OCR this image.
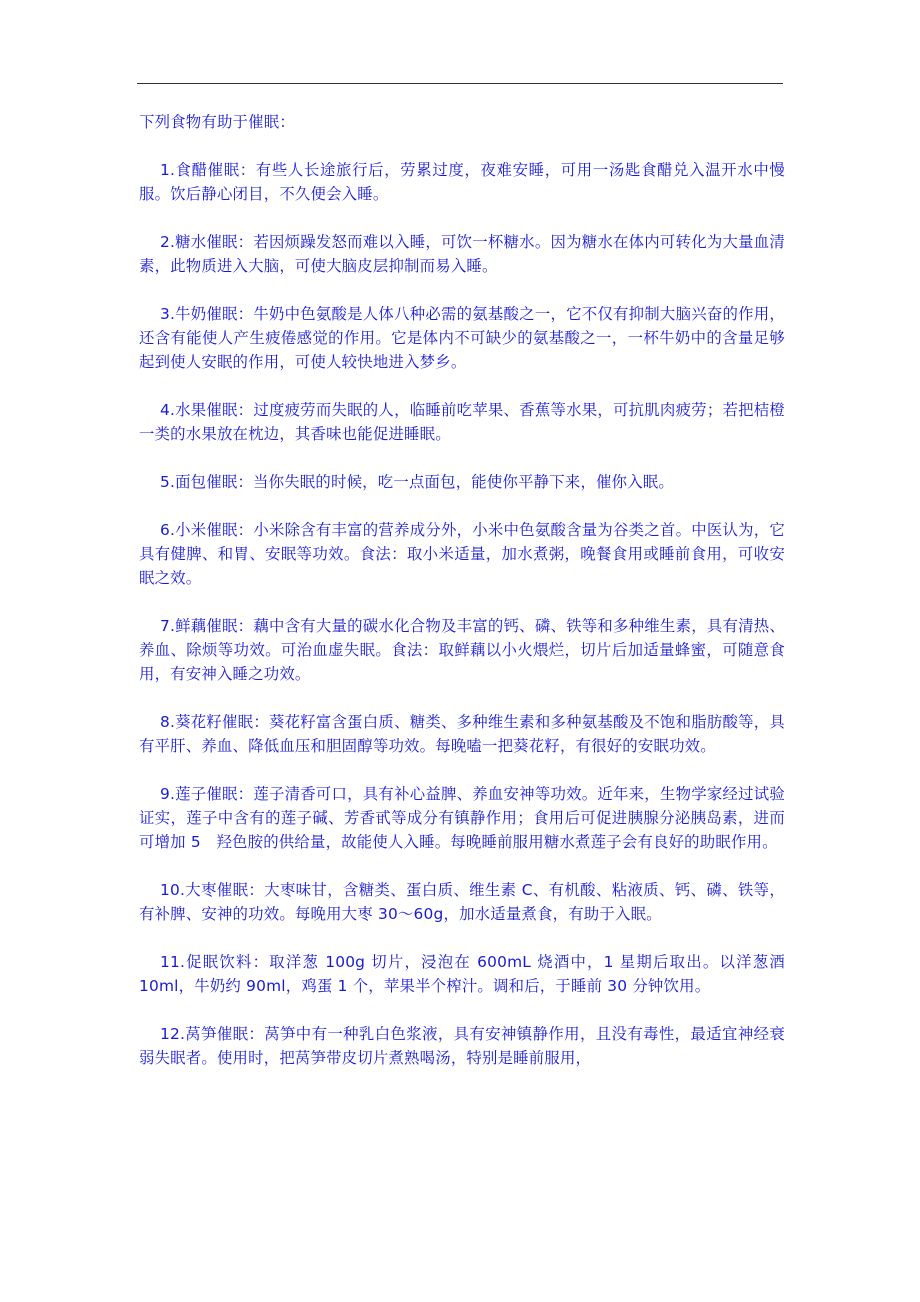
下列食物有助于催眠：

1.食醋催眠：有些人长途旅行后，劳累过度，夜难安睡，可用一汤匙食醋兑入温开水中慢服。饮后静心闭目，不久便会入睡。

2.糖水催眠：若因烦躁发怒而难以入睡，可饮一杯糖水。因为糖水在体内可转化为大量血清素，此物质进入大脑，可使大脑皮层抑制而易入睡。

3.牛奶催眠：牛奶中色氨酸是人体八种必需的氨基酸之一，它不仅有抑制大脑兴奋的作用，还含有能使人产生疲倦感觉的作用。它是体内不可缺少的氨基酸之一，一杯牛奶中的含量足够起到使人安眠的作用，可使人较快地进入梦乡。

4.水果催眠：过度疲劳而失眠的人，临睡前吃苹果、香蕉等水果，可抗肌肉疲劳；若把桔橙一类的水果放在枕边，其香味也能促进睡眠。

5.面包催眠：当你失眠的时候，吃一点面包，能使你平静下来，催你入眠。

6.小米催眠：小米除含有丰富的营养成分外，小米中色氨酸含量为谷类之首。中医认为，它具有健脾、和胃、安眠等功效。食法：取小米适量，加水煮粥，晚餐食用或睡前食用，可收安眠之效。

7.鲜藕催眠：藕中含有大量的碳水化合物及丰富的钙、磷、铁等和多种维生素，具有清热、养血、除烦等功效。可治血虚失眠。食法：取鲜藕以小火煨烂，切片后加适量蜂蜜，可随意食用，有安神入睡之功效。

8.葵花籽催眠：葵花籽富含蛋白质、糖类、多种维生素和多种氨基酸及不饱和脂肪酸等，具有平肝、养血、降低血压和胆固醇等功效。每晚嗑一把葵花籽，有很好的安眠功效。

9.莲子催眠：莲子清香可口，具有补心益脾、养血安神等功效。近年来，生物学家经过试验证实，莲子中含有的莲子碱、芳香甙等成分有镇静作用；食用后可促进胰腺分泌胰岛素，进而可增加 5　羟色胺的供给量，故能使人入睡。每晚睡前服用糖水煮莲子会有良好的助眠作用。

10.大枣催眠：大枣味甘，含糖类、蛋白质、维生素 C、有机酸、粘液质、钙、磷、铁等，有补脾、安神的功效。每晚用大枣 30～60g，加水适量煮食，有助于入眠。

11.促眠饮料：取洋葱 100g 切片，浸泡在 600mL 烧酒中，1 星期后取出。以洋葱酒 10ml，牛奶约 90ml，鸡蛋 1 个，苹果半个榨汁。调和后，于睡前 30 分钟饮用。

12.莴笋催眠：莴笋中有一种乳白色浆液，具有安神镇静作用，且没有毒性，最适宜神经衰弱失眠者。使用时，把莴笋带皮切片煮熟喝汤，特别是睡前服用，
